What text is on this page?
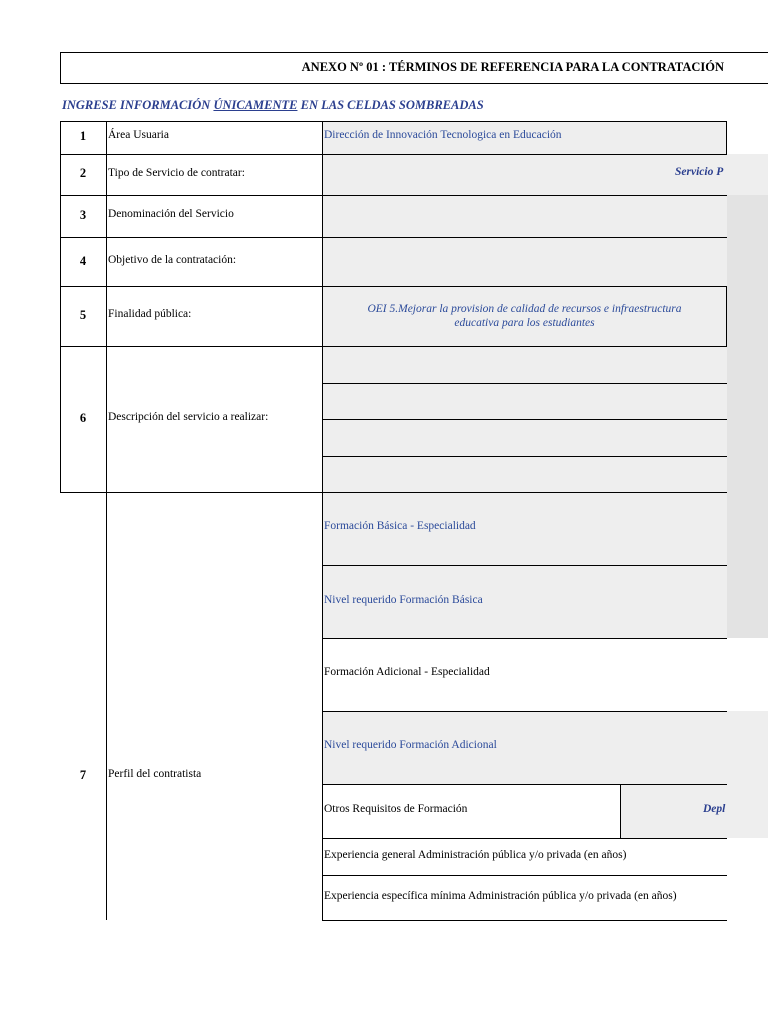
ANEXO Nº 01 : TÉRMINOS DE REFERENCIA PARA LA CONTRATACIÓN
INGRESE INFORMACIÓN ÚNICAMENTE EN LAS CELDAS SOMBREADAS
1
2
3
4
5
6
7
Área Usuaria
Tipo de Servicio de contratar:
Denominación del Servicio
Objetivo de la contratación:
Finalidad pública:
Descripción del servicio a realizar:
Perfil del contratista
Dirección de Innovación Tecnologica en Educación
Servicio P
OEI 5.Mejorar la provision de calidad de recursos e infraestructura
educativa para los estudiantes
Formación Básica - Especialidad
Nivel requerido Formación Básica
Formación Adicional - Especialidad
Nivel requerido Formación Adicional
Otros Requisitos de Formación	Depl
Experiencia general Administración pública y/o privada (en años)
Experiencia específica mínima Administración pública y/o privada (en años)
